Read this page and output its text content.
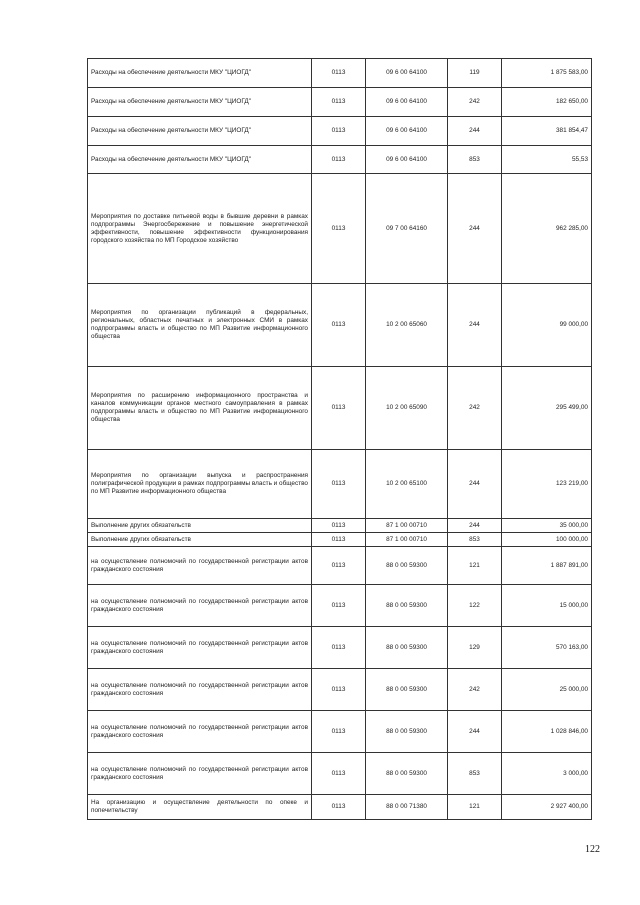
Расходы на обеспечение деятельности МКУ "ЦИОГД"	0113	09 6 00 64100	119	1 875 583,00
Расходы на обеспечение деятельности МКУ "ЦИОГД"	0113	09 6 00 64100	242	182 650,00
Расходы на обеспечение деятельности МКУ "ЦИОГД"	0113	09 6 00 64100	244	381 854,47
Расходы на обеспечение деятельности МКУ "ЦИОГД"	0113	09 6 00 64100	853	55,53
Мероприятия по доставке питьевой воды в бывшие деревни в рамках подпрограммы Энергосбережение и повышение энергетической эффективности, повышение эффективности функционирования городского хозяйства по МП Городское хозяйство	0113	09 7 00 64160	244	962 285,00
Мероприятия по организации публикаций в федеральных, региональных, областных печатных и электронных СМИ в рамках подпрограммы власть и общество по МП Развитие информационного общества	0113	10 2 00 65060	244	99 000,00
Мероприятия по расширению информационного пространства и каналов коммуникации органов местного самоуправления в рамках подпрограммы власть и общество по МП Развитие информационного общества	0113	10 2 00 65090	242	295 499,00
Мероприятия по организации выпуска и распространения полиграфической продукции в рамках подпрограммы власть и общество по МП Развитие информационного общества	0113	10 2 00 65100	244	123 219,00
Выполнение других обязательств	0113	87 1 00 00710	244	35 000,00
Выполнение других обязательств	0113	87 1 00 00710	853	100 000,00
на осуществление полномочий по государственной регистрации актов гражданского состояния	0113	88 0 00 59300	121	1 887 891,00
на осуществление полномочий по государственной регистрации актов гражданского состояния	0113	88 0 00 59300	122	15 000,00
на осуществление полномочий по государственной регистрации актов гражданского состояния	0113	88 0 00 59300	129	570 163,00
на осуществление полномочий по государственной регистрации актов гражданского состояния	0113	88 0 00 59300	242	25 000,00
на осуществление полномочий по государственной регистрации актов гражданского состояния	0113	88 0 00 59300	244	1 028 846,00
на осуществление полномочий по государственной регистрации актов гражданского состояния	0113	88 0 00 59300	853	3 000,00
На организацию и осуществление деятельности по опеке и попечительству	0113	88 0 00 71380	121	2 927 400,00
122
